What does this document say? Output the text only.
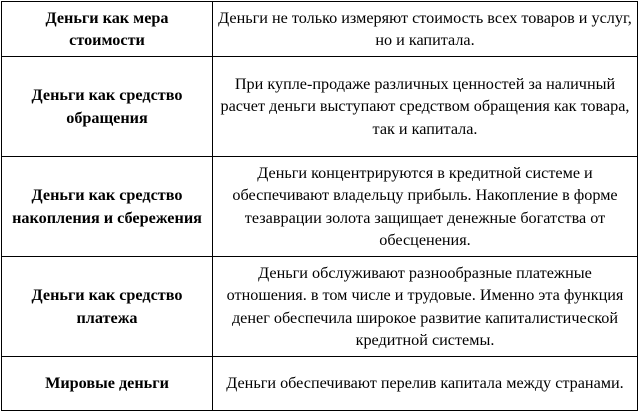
Деньги как мера стоимости	Деньги не только измеряют стоимость всех товаров и услуг, но и капитала.
Деньги как средство обращения	При купле-продаже различных ценностей за наличный расчет деньги выступают средством обращения как товара, так и капитала.
Деньги как средство накопления и сбережения	Деньги концентрируются в кредитной системе и обеспечивают владельцу прибыль. Накопление в форме тезаврации золота защищает денежные богатства от обесценения.
Деньги как средство платежа	Деньги обслуживают разнообразные платежные отношения. в том числе и трудовые. Именно эта функция денег обеспечила широкое развитие капиталистической кредитной системы.
Мировые деньги	Деньги обеспечивают перелив капитала между странами.
